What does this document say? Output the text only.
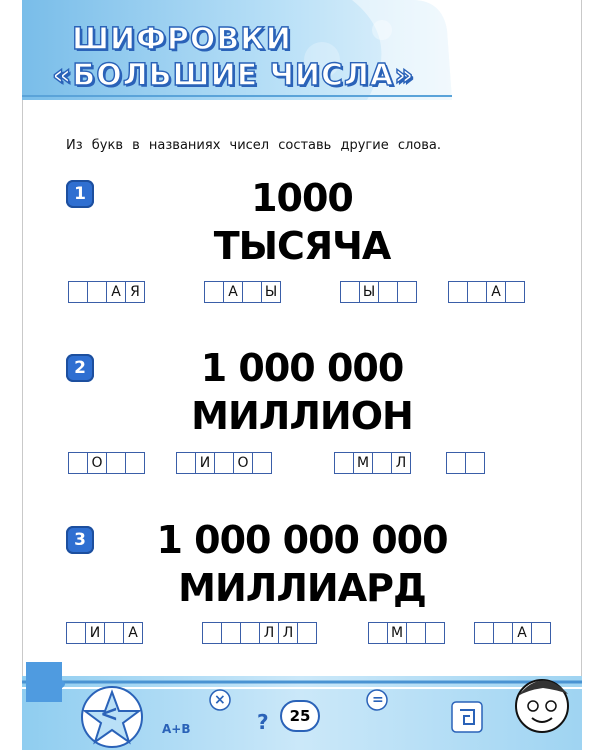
ШИФРОВКИ
«БОЛЬШИЕ ЧИСЛА»
Из букв в названиях чисел составь другие слова.
1	1000
ТЫСЯЧА
А Я	А	Ы	Ы	А
2	1 000 000
МИЛЛИОН
О	И	О	М	Л
3	1 000 000 000
МИЛЛИАРД
И	А	Л Л	М	А
<
A+B
×
?
=
25
